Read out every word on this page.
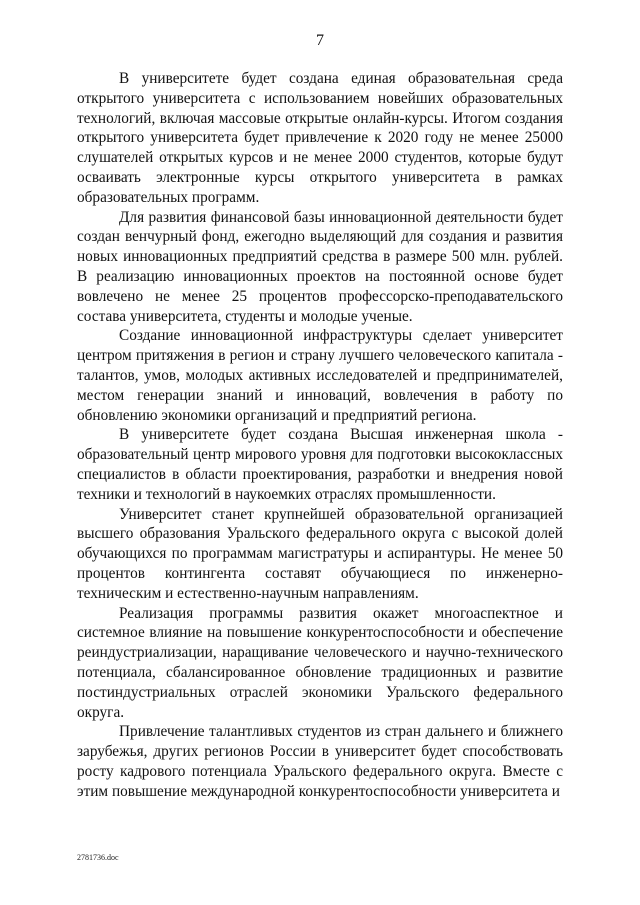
7

В университете будет создана единая образовательная среда открытого университета с использованием новейших образовательных технологий, включая массовые открытые онлайн-курсы. Итогом создания открытого университета будет привлечение к 2020 году не менее 25000 слушателей открытых курсов и не менее 2000 студентов, которые будут осваивать электронные курсы открытого университета в рамках образовательных программ.

Для развития финансовой базы инновационной деятельности будет создан венчурный фонд, ежегодно выделяющий для создания и развития новых инновационных предприятий средства в размере 500 млн. рублей. В реализацию инновационных проектов на постоянной основе будет вовлечено не менее 25 процентов профессорско-преподавательского состава университета, студенты и молодые ученые.

Создание инновационной инфраструктуры сделает университет центром притяжения в регион и страну лучшего человеческого капитала - талантов, умов, молодых активных исследователей и предпринимателей, местом генерации знаний и инноваций, вовлечения в работу по обновлению экономики организаций и предприятий региона.

В университете будет создана Высшая инженерная школа - образовательный центр мирового уровня для подготовки высококлассных специалистов в области проектирования, разработки и внедрения новой техники и технологий в наукоемких отраслях промышленности.

Университет станет крупнейшей образовательной организацией высшего образования Уральского федерального округа с высокой долей обучающихся по программам магистратуры и аспирантуры. Не менее 50 процентов контингента составят обучающиеся по инженерно-техническим и естественно-научным направлениям.

Реализация программы развития окажет многоаспектное и системное влияние на повышение конкурентоспособности и обеспечение реиндустриализации, наращивание человеческого и научно-технического потенциала, сбалансированное обновление традиционных и развитие постиндустриальных отраслей экономики Уральского федерального округа.

Привлечение талантливых студентов из стран дальнего и ближнего зарубежья, других регионов России в университет будет способствовать росту кадрового потенциала Уральского федерального округа. Вместе с этим повышение международной конкурентоспособности университета и

2781736.doc
